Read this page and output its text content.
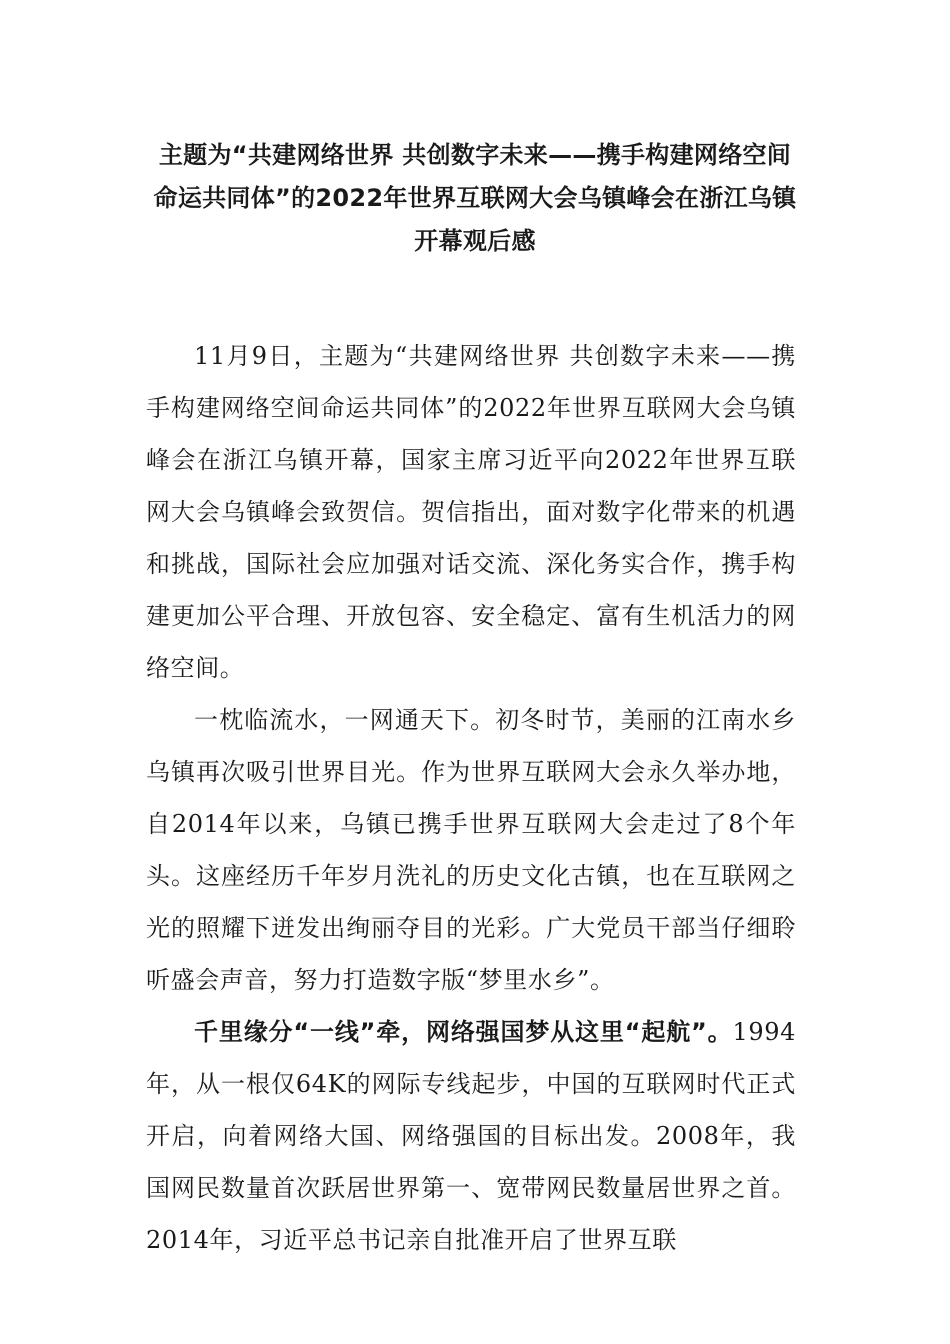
主题为“共建网络世界 共创数字未来——携手构建网络空间命运共同体”的2022年世界互联网大会乌镇峰会在浙江乌镇开幕观后感

11月9日，主题为“共建网络世界 共创数字未来——携手构建网络空间命运共同体”的2022年世界互联网大会乌镇峰会在浙江乌镇开幕，国家主席习近平向2022年世界互联网大会乌镇峰会致贺信。贺信指出，面对数字化带来的机遇和挑战，国际社会应加强对话交流、深化务实合作，携手构建更加公平合理、开放包容、安全稳定、富有生机活力的网络空间。

一枕临流水，一网通天下。初冬时节，美丽的江南水乡乌镇再次吸引世界目光。作为世界互联网大会永久举办地，自2014年以来，乌镇已携手世界互联网大会走过了8个年头。这座经历千年岁月洗礼的历史文化古镇，也在互联网之光的照耀下迸发出绚丽夺目的光彩。广大党员干部当仔细聆听盛会声音，努力打造数字版“梦里水乡”。

千里缘分“一线”牵，网络强国梦从这里“起航”。1994年，从一根仅64K的网际专线起步，中国的互联网时代正式开启，向着网络大国、网络强国的目标出发。2008年，我国网民数量首次跃居世界第一、宽带网民数量居世界之首。2014年，习近平总书记亲自批准开启了世界互联
